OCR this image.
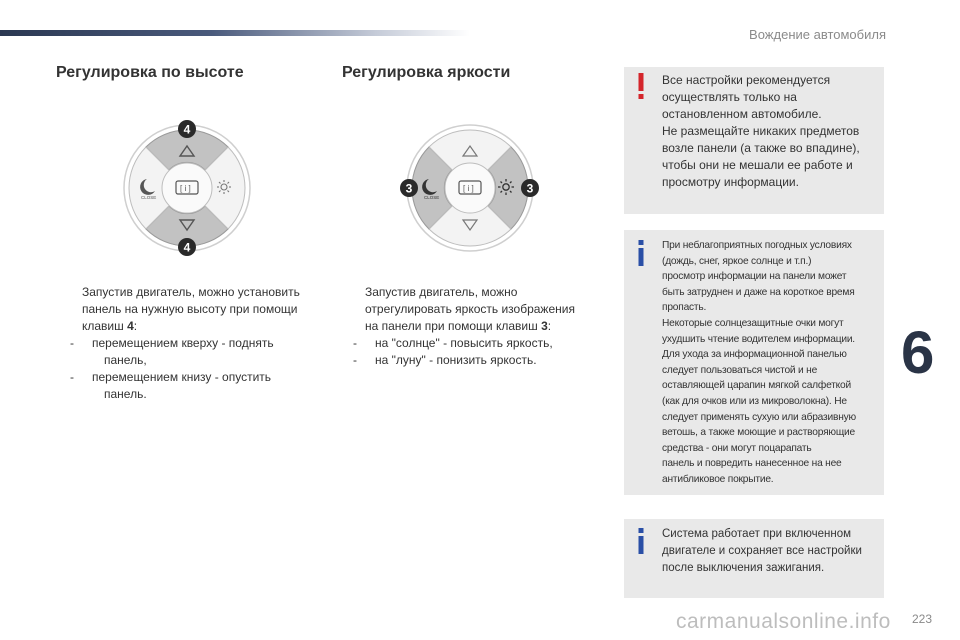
Вождение автомобиля
Регулировка по высоте
CLOSE
[ i ]
4
4
Запустив двигатель, можно установить
панель на нужную высоту при помощи
клавиш 4:
- перемещением кверху - поднять
панель,
- перемещением книзу - опустить
панель.
Регулировка яркости
CLOSE
[ i ]
3	3
Запустив двигатель, можно
отрегулировать яркость изображения
на панели при помощи клавиш 3:
- на "солнце" - повысить яркость,
- на "луну" - понизить яркость.
Все настройки рекомендуется
осуществлять только на
остановленном автомобиле.
Не размещайте никаких предметов
возле панели (а также во впадине),
чтобы они не мешали ее работе и
просмотру информации.
При неблагоприятных погодных условиях
(дождь, снег, яркое солнце и т.п.)
просмотр информации на панели может
быть затруднен и даже на короткое время
пропасть.
Некоторые солнцезащитные очки могут
ухудшить чтение водителем информации.
Для ухода за информационной панелью
следует пользоваться чистой и не
оставляющей царапин мягкой салфеткой
(как для очков или из микроволокна). Не
следует применять сухую или абразивную
ветошь, а также моющие и растворяющие
средства - они могут поцарапать
панель и повредить нанесенное на нее
антибликовое покрытие.
Система работает при включенном
двигателе и сохраняет все настройки
после выключения зажигания.
6
carmanualsonline.info 223
